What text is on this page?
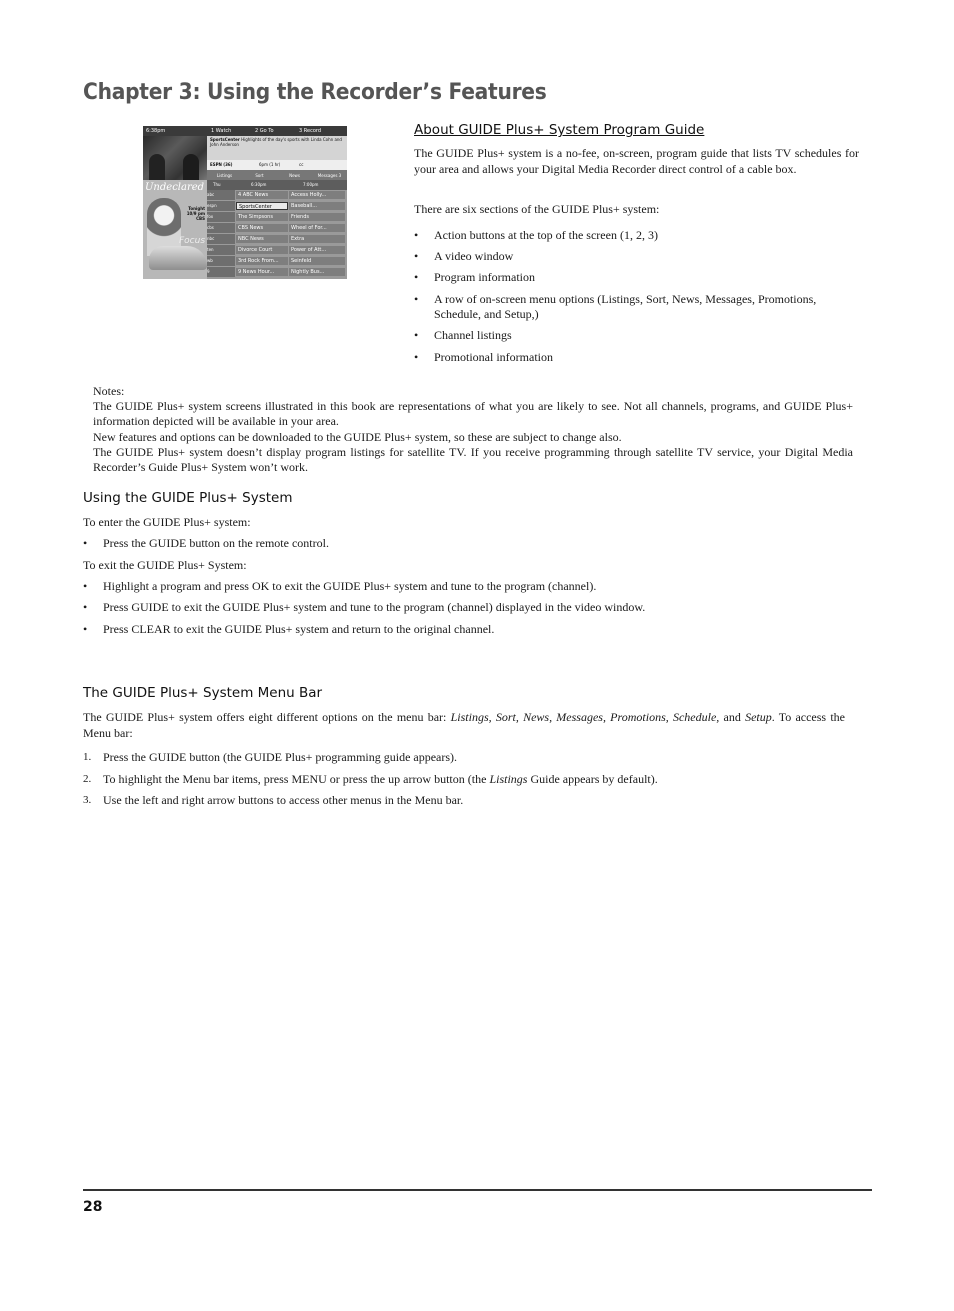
Chapter 3: Using the Recorder’s Features
6:38pm	1 Watch	2 Go To	3 Record
Undeclared
Tonight 10/9 pm
CBS
Focus
SportsCenter Highlights of the day's sports with Linda Cohn and John Anderson
ESPN (36)	6pm (1 hr)	cc
Listings	Sort	News	Messages 3
Thu	6:30pm	7:00pm
abc	4 ABC News	Access Holly...
espn	SportsCenter	Baseball...
fox	The Simpsons	Friends
cbs	CBS News	Wheel of For...
nbc	NBC News	Extra
ten	Divorce Court	Power of Att...
wb	3rd Rock From...	Seinfeld
9	9 News Hour...	Nightly Bus...
About GUIDE Plus+ System Program Guide

The GUIDE Plus+ system is a no-fee, on-screen, program guide that lists TV schedules for your area and allows your Digital Media Recorder direct control of a cable box.

There are six sections of the GUIDE Plus+ system:

• Action buttons at the top of the screen (1, 2, 3)
• A video window
• Program information
• A row of on-screen menu options (Listings, Sort, News, Messages, Promotions, Schedule, and Setup,)
• Channel listings
• Promotional information
Notes:
The GUIDE Plus+ system screens illustrated in this book are representations of what you are likely to see. Not all channels, programs, and GUIDE Plus+ information depicted will be available in your area.
New features and options can be downloaded to the GUIDE Plus+ system, so these are subject to change also.
The GUIDE Plus+ system doesn’t display program listings for satellite TV. If you receive programming through satellite TV service, your Digital Media Recorder’s Guide Plus+ System won’t work.
Using the GUIDE Plus+ System

To enter the GUIDE Plus+ system:

• Press the GUIDE button on the remote control.

To exit the GUIDE Plus+ System:

• Highlight a program and press OK to exit the GUIDE Plus+ system and tune to the program (channel).
• Press GUIDE to exit the GUIDE Plus+ system and tune to the program (channel) displayed in the video window.
• Press CLEAR to exit the GUIDE Plus+ system and return to the original channel.
The GUIDE Plus+ System Menu Bar

The GUIDE Plus+ system offers eight different options on the menu bar: Listings, Sort, News, Messages, Promotions, Schedule, and Setup. To access the Menu bar:

1. Press the GUIDE button (the GUIDE Plus+ programming guide appears).
2. To highlight the Menu bar items, press MENU or press the up arrow button (the Listings Guide appears by default).
3. Use the left and right arrow buttons to access other menus in the Menu bar.
28
